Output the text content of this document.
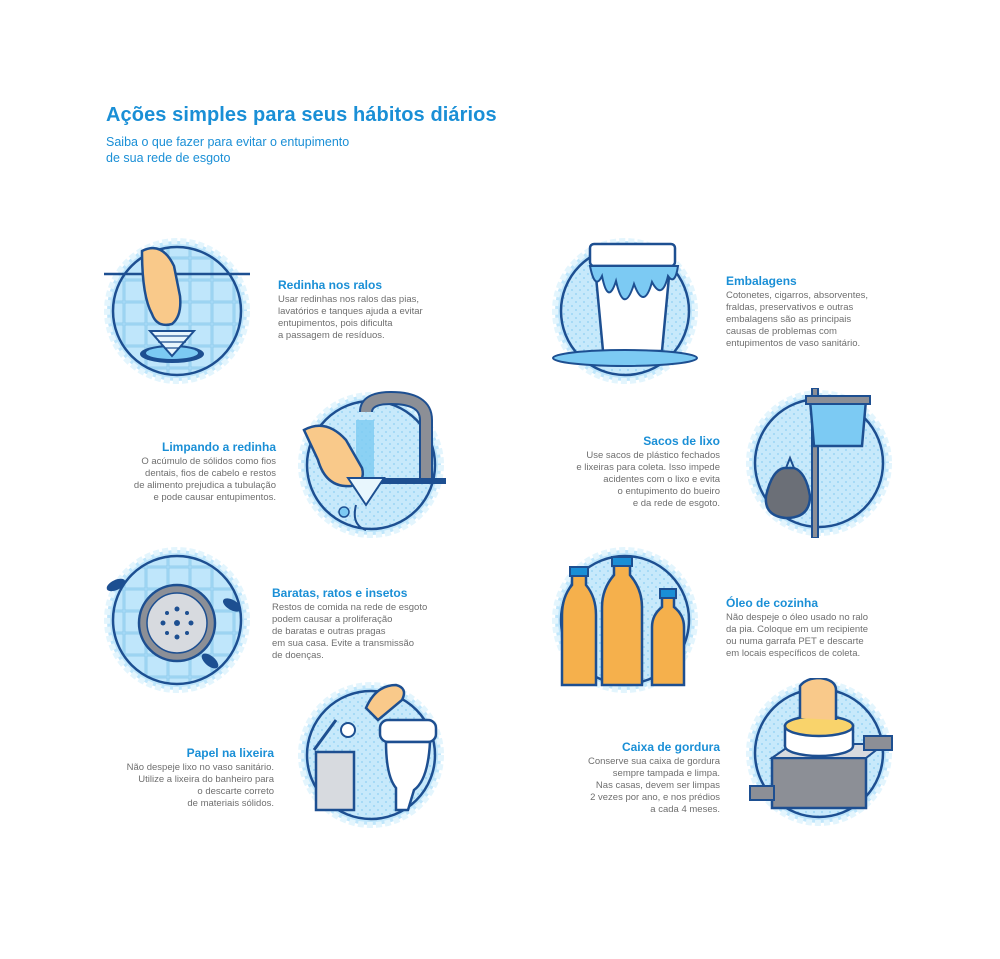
Ações simples para seus hábitos diários
Saiba o que fazer para evitar o entupimento
de sua rede de esgoto
Redinha nos ralos

Usar redinhas nos ralos das pias,
lavatórios e tanques ajuda a evitar
entupimentos, pois dificulta
a passagem de resíduos.

Limpando a redinha

O acúmulo de sólidos como fios
dentais, fios de cabelo e restos
de alimento prejudica a tubulação
e pode causar entupimentos.

Baratas, ratos e insetos

Restos de comida na rede de esgoto
podem causar a proliferação
de baratas e outras pragas
em sua casa. Evite a transmissão
de doenças.

Papel na lixeira

Não despeje lixo no vaso sanitário.
Utilize a lixeira do banheiro para
o descarte correto
de materiais sólidos.

Embalagens

Cotonetes, cigarros, absorventes,
fraldas, preservativos e outras
embalagens são as principais
causas de problemas com
entupimentos de vaso sanitário.

Sacos de lixo

Use sacos de plástico fechados
e lixeiras para coleta. Isso impede
acidentes com o lixo e evita
o entupimento do bueiro
e da rede de esgoto.

Óleo de cozinha

Não despeje o óleo usado no ralo
da pia. Coloque em um recipiente
ou numa garrafa PET e descarte
em locais específicos de coleta.

Caixa de gordura

Conserve sua caixa de gordura
sempre tampada e limpa.
Nas casas, devem ser limpas
2 vezes por ano, e nos prédios
a cada 4 meses.
